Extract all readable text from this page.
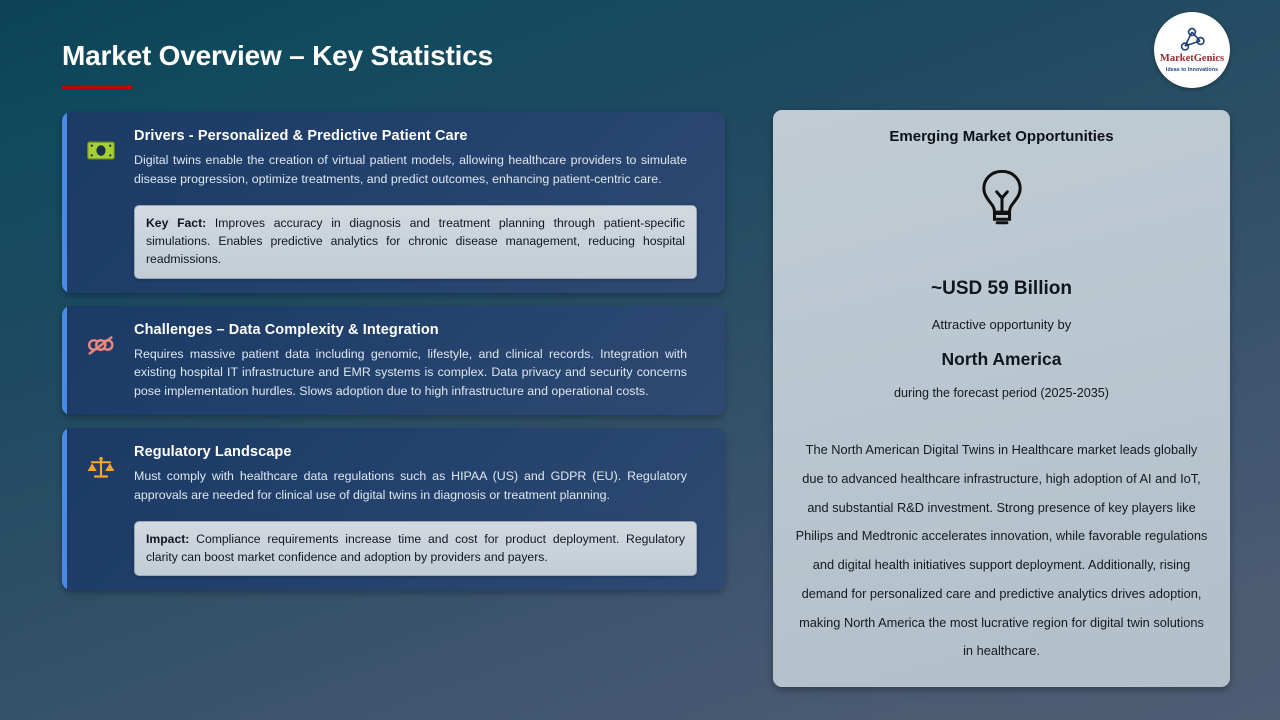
Market Overview – Key Statistics	MarketGenics
Ideas to Innovations
Drivers - Personalized & Predictive Patient Care
Digital twins enable the creation of virtual patient models, allowing healthcare providers to simulate disease progression, optimize treatments, and predict outcomes, enhancing patient-centric care.
Key Fact: Improves accuracy in diagnosis and treatment planning through patient-specific simulations. Enables predictive analytics for chronic disease management, reducing hospital readmissions.
Challenges – Data Complexity & Integration
Requires massive patient data including genomic, lifestyle, and clinical records. Integration with existing hospital IT infrastructure and EMR systems is complex. Data privacy and security concerns pose implementation hurdles. Slows adoption due to high infrastructure and operational costs.
Regulatory Landscape
Must comply with healthcare data regulations such as HIPAA (US) and GDPR (EU). Regulatory approvals are needed for clinical use of digital twins in diagnosis or treatment planning.
Impact: Compliance requirements increase time and cost for product deployment. Regulatory clarity can boost market confidence and adoption by providers and payers.
Emerging Market Opportunities
~USD 59 Billion
Attractive opportunity by
North America
during the forecast period (2025-2035)
The North American Digital Twins in Healthcare market leads globally due to advanced healthcare infrastructure, high adoption of AI and IoT, and substantial R&D investment. Strong presence of key players like Philips and Medtronic accelerates innovation, while favorable regulations and digital health initiatives support deployment. Additionally, rising demand for personalized care and predictive analytics drives adoption, making North America the most lucrative region for digital twin solutions in healthcare.
